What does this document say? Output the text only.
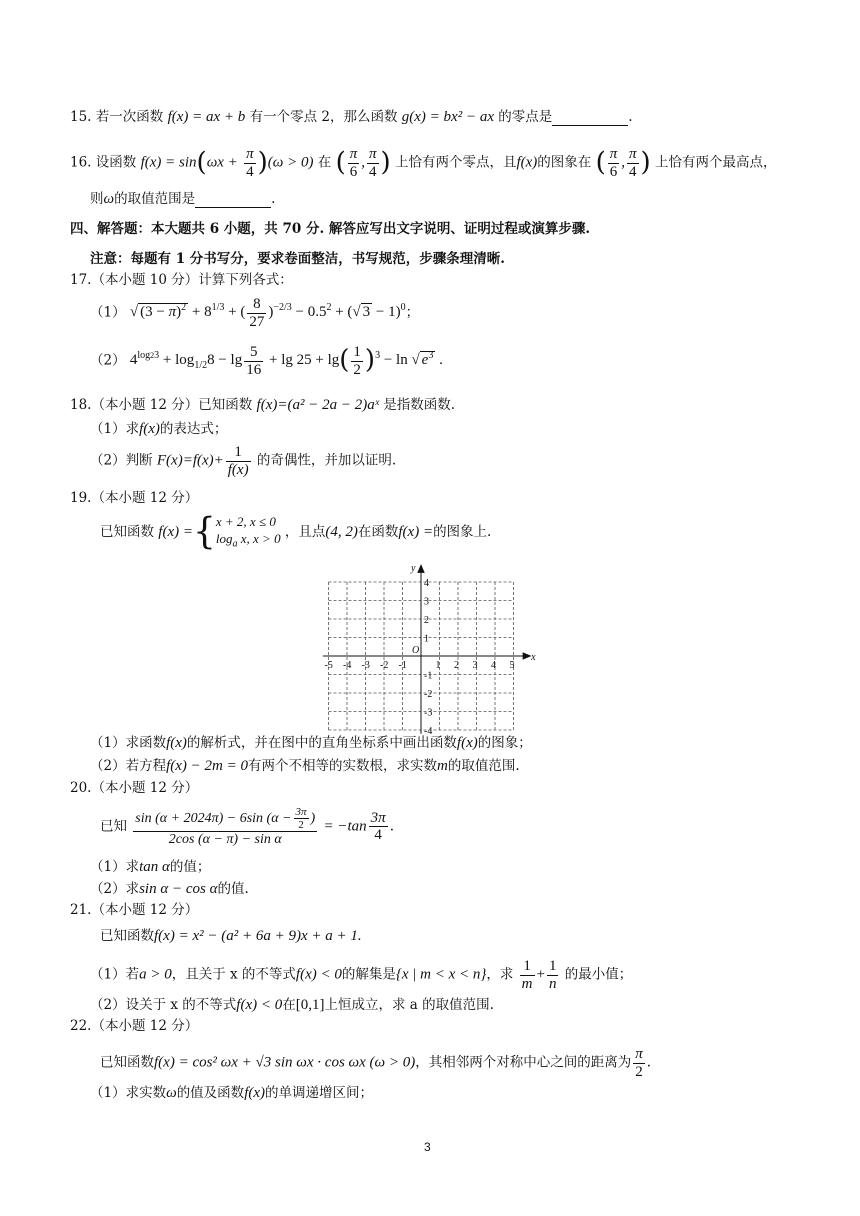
15. 若一次函数 f(x) = ax + b 有一个零点 2，那么函数 g(x) = bx² − ax 的零点是	.
16. 设函数 $f(x) = \sin(\omega x + \frac{\pi}{4} )(\omega > 0)$ 在 ( $\frac{\pi}{6}$ , $\frac{\pi}{4}$ ) 上恰有两个零点，且f(x)的图象在 ( $\frac{\pi}{6}$ , $\frac{\pi}{4}$ ) 上恰有两个最高点，
则ω的取值范围是	.
四、解答题：本大题共 6 小题，共 70 分. 解答应写出文字说明、证明过程或演算步骤.
注意：每题有 1 分书写分，要求卷面整洁，书写规范，步骤条理清晰.
17.（本小题 10 分）计算下列各式：
（1） √ $(3 - \pi)^2 + 8^{1/3}$ + ( $\frac{8}{27} )^{-2/3} - 0.5^2$ + (√ 3 − 1)$^0$；
（2） $4^{log23} + \log_{1/2}8 - \lg \frac{5}{16} + \lg 25 + \lg( \frac{1}{2} )^3 - \ln$ √ $e^3$ .
18.（本小题 12 分）已知函数 f(x)=(a² − 2a − 2)aˣ 是指数函数.
（1）求f(x)的表达式；
（2）判断 $F(x)=f(x)+ \frac{1}{f(x)}$ 的奇偶性，并加以证明.
19.（本小题 12 分）
已知函数 f(x) ={x + 2, x ≤ 0
$\log_a x$, x > 0 ，且点(4, 2)在函数f(x) =的图象上.
-5 -4 -3 -2 -1	1 2 3 4 5
4
3
2
1
-1
-2
-3
-4
x
y
O
（1）求函数f(x)的解析式，并在图中的直角坐标系中画出函数f(x)的图象；
（2）若方程f(x) − 2m = 0有两个不相等的实数根，求实数m的取值范围.
20.（本小题 12 分）
已知 $\frac{\sin (\alpha + 2024\pi) - 6\sin (\alpha - \frac{3\pi}{2} )}{\text{2cos (α − π) − sin α}} = -\tan \frac{3\pi}{4}$ .
（1）求tan α的值；
（2）求sin α − cos α的值.
21.（本小题 12 分）
已知函数f(x) = x² − (a² + 6a + 9)x + a + 1.
（1）若a > 0，且关于 x 的不等式f(x) < 0的解集是{x | m < x < n}，求 $\frac{1}{m} + \frac{1}{n}$ 的最小值；
（2）设关于 x 的不等式f(x) < 0在[0,1]上恒成立，求 a 的取值范围.
22.（本小题 12 分）
已知函数f(x) = cos² ωx + √3 sin ωx · cos ωx (ω > 0)，其相邻两个对称中心之间的距离为 $\frac{\pi}{2}$ .
（1）求实数ω的值及函数f(x)的单调递增区间；
3
